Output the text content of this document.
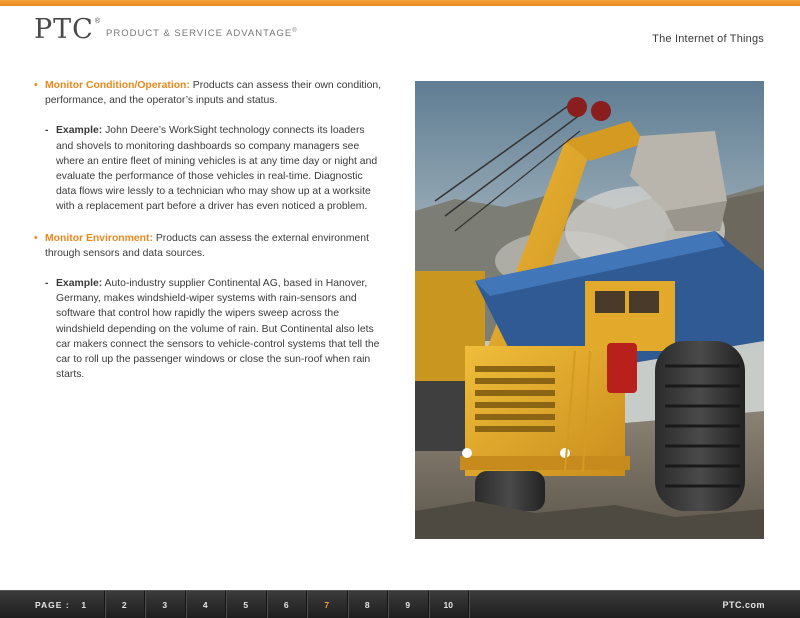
PTC ®
PRODUCT & SERVICE ADVANTAGE®
The Internet of Things
• Monitor Condition/Operation: Products can assess their own condition, performance, and the operator’s inputs and status.
- Example: John Deere’s WorkSight technology connects its loaders and shovels to monitoring dashboards so company managers see where an entire fleet of mining vehicles is at any time day or night and evaluate the performance of those vehicles in real-time. Diagnostic data flows wire lessly to a technician who may show up at a worksite with a replacement part before a driver has even noticed a problem.
• Monitor Environment: Products can assess the external environment through sensors and data sources.
- Example: Auto-industry supplier Continental AG, based in Hanover, Germany, makes windshield-wiper systems with rain-sensors and software that control how rapidly the wipers sweep across the windshield depending on the volume of rain. But Continental also lets car makers connect the sensors to vehicle-control systems that tell the car to roll up the passenger windows or close the sun-roof when rain starts.
PAGE :	1	2	3	4	5	6	7	8	9	10	PTC.com
